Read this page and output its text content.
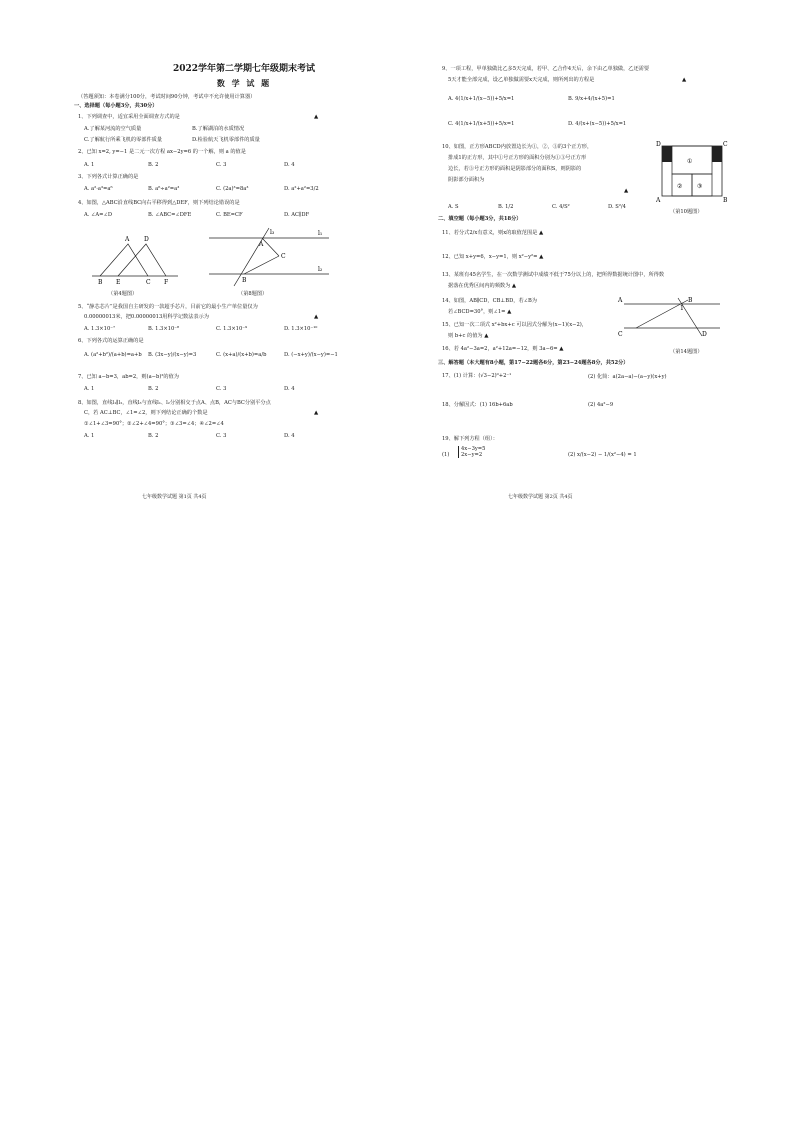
2022学年第二学期七年级期末考试
数 学 试 题
（答题须知：本卷满分100分，考试时间90分钟，考试中不允许使用计算器）
一、选择题（每小题3分，共30分）
1、下列调查中，适宜采用全面调查方式的是	▲
A.了解某河流的空气质量	B.了解湖泊的水质情况
C.了解航行所乘飞机的零部件质量	D.检验航天飞机零部件的质量
2、已知 x=2, y=−1 是二元一次方程 ax−2y=6 的一个解，则 a 的值是
A. 1	B. 2	C. 3	D. 4
3、下列各式计算正确的是
A. a²·a³=a⁶	B. a⁶÷a²=a³	C. (2a)³=8a³	D. a²+a²=3/2
4、如图，△ABC沿直线BC向右平移得到△DEF，则下列结论错误的是
A. ∠A=∠D	B. ∠ABC=∠DFE	C. BE=CF	D. AC∥DF
A D
B E	C F
（第4题图）
l₁
l₂
l₃
A
C
B
（第8题图）
5、“静芯芯片”是我国自主研发的一款超手芯片，目前它的最小生产单位量仅为
0.00000013米，把0.00000013用科学记数法表示为	▲
A. 1.3×10⁻⁷	B. 1.3×10⁻⁸	C. 1.3×10⁻⁹	D. 1.3×10⁻¹⁰
6、下列各式的运算正确的是
A. (a²+b²)/(a+b)=a+b B. (3x−y)/(x−y)=3	C. (x+a)/(x+b)=a/b	D. (−x+y)/(x−y)=−1
7、已知 a−b=3，ab=2，则(a−b)²的值为
A. 1	B. 2	C. 3	D. 4
8、如图，直线l₁∥l₂，直线l₃与直线l₁、l₂分别相交于点A、点B，AC与BC分别平分点
C，若 AC⊥BC，∠1=∠2，则下列结论正确的个数是	▲
①∠1+∠3=90°；②∠2+∠4=90°；③∠3=∠4；④∠2=∠4
A. 1	B. 2	C. 3	D. 4
七年级数学试题 第1页 共4页
9、一项工程，甲单独做比乙多5天完成，若甲、乙合作4天后，余下由乙单独做，乙还需要
5天才能全部完成，设乙单独做需要x天完成，则所列出的方程是	▲
A. 4(1/x+1/(x−5))+5/x=1	B. 9/x+4/(x+5)=1
C. 4(1/x+1/(x+5))+5/x=1	D. 4/(x+(x−5))+5/x=1
10、如图，正方形ABCD内放置边长为①，②，③的3个正方形，
排成1的正方形，其中①号正方形的面积分别为①③号正方形
边长，若③号正方形的面积是阴影部分的面积S，则阴影的
阴影部分面积为
▲
A. S	B. 1/2	C. 4/S²	D. S²/4
①
② ③
D	C
A	B
（第10题图）
二、填空题（每小题3分，共18分）
11、若分式2/x有意义，则x的取值范围是 ▲
12、已知 x+y=6，x−y=1，则 x²−y²= ▲
13、某班有45名学生，在一次数学测试中成绩不低于75分以上的，把所得数据统计图中，所得数
据落在优秀区间内的频数为 ▲
14、如图，AB∥CD，CB⊥BD，若∠B为
若∠BCD=30°，则∠1= ▲
15、已知一次二项式 x²+bx+c 可以因式分解为(x−1)(x−2)，
则 b+c 的值为 ▲
16、若 4a²−3a=2，a²+12a=−12，则 3a−6= ▲
A	B
C	D
1
（第14题图）
三、解答题（本大题有8小题，第17−22题各6分，第23−24题各8分，共52分）
17、(1) 计算：(√3−2)⁰+2⁻¹	(2) 化简：a(2a−a)−(a−y)(x+y)
18、分解因式：(1) 16b+6ab	(2) 4a²−9
19、解下列方程（组）：
(1)
4x−3y=5
2x−y=2	(2) x/(x−2) − 1/(x²−4) = 1
七年级数学试题 第2页 共4页
